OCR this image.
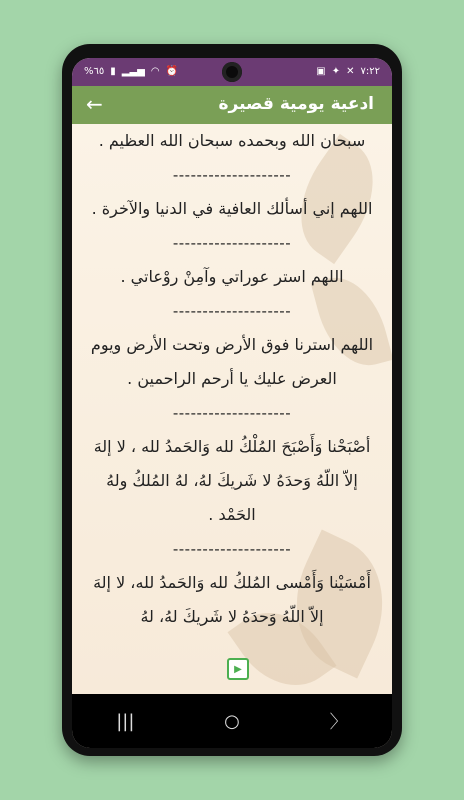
%٦٥ ▮ ▂▃▅ ◠ ⏰	▣ ✦ ✕ ٧:٢٢
←	ادعية يومية قصيرة

سبحان الله وبحمده سبحان الله العظيم .

--------------------

اللهم إني أسألك العافية في الدنيا والآخرة .

--------------------

اللهم استر عوراتي وآمِنْ روْعاتي .

--------------------

اللهم استرنا فوق الأرض وتحت الأرض ويوم العرض عليك يا أرحم الراحمين .

--------------------

أصْبَحْنا وَأَصْبَحَ المُلْكُ لله وَالحَمدُ لله ، لا إلهَ إلاّ اللّهُ وَحدَهُ لا شَريكَ لهُ، لهُ المُلكُ ولهُ الحَمْد .

--------------------

أَمْسَيْنا وَأَمْسى المُلكُ لله وَالحَمدُ لله، لا إلهَ إلاّ اللّهُ وَحدَهُ لا شَريكَ لهُ، لهُ

▶
|||	○	〉
